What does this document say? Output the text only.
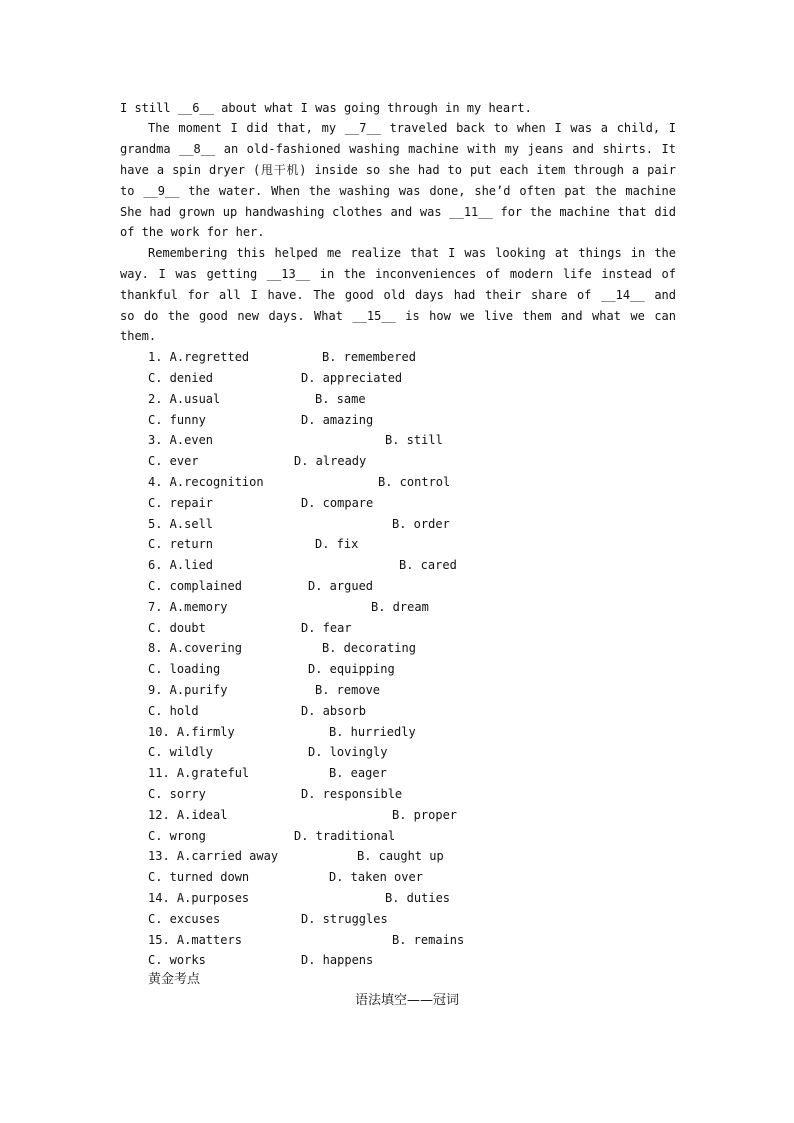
I still __6__ about what I was going through in my heart.
The moment I did that, my __7__ traveled back to when I was a child, I
grandma __8__ an old-fashioned washing machine with my jeans and shirts. It
have a spin dryer (甩干机) inside so she had to put each item through a pair
to __9__ the water. When the washing was done, she’d often pat the machine
She had grown up handwashing clothes and was __11__ for the machine that did
of the work for her.
Remembering this helped me realize that I was looking at things in the
way. I was getting __13__ in the inconveniences of modern life instead of
thankful for all I have. The good old days had their share of __14__ and
so do the good new days. What __15__ is how we live them and what we can
them.
1. A.regretted	B. remembered
C. denied	D. appreciated
2. A.usual	B. same
C. funny	D. amazing
3. A.even	B. still
C. ever	D. already
4. A.recognition	B. control
C. repair	D. compare
5. A.sell	B. order
C. return	D. fix
6. A.lied	B. cared
C. complained	D. argued
7. A.memory	B. dream
C. doubt	D. fear
8. A.covering	B. decorating
C. loading	D. equipping
9. A.purify	B. remove
C. hold	D. absorb
10. A.firmly	B. hurriedly
C. wildly	D. lovingly
11. A.grateful	B. eager
C. sorry	D. responsible
12. A.ideal	B. proper
C. wrong	D. traditional
13. A.carried away	B. caught up
C. turned down	D. taken over
14. A.purposes	B. duties
C. excuses	D. struggles
15. A.matters	B. remains
C. works	D. happens
黄金考点
语法填空——冠词
